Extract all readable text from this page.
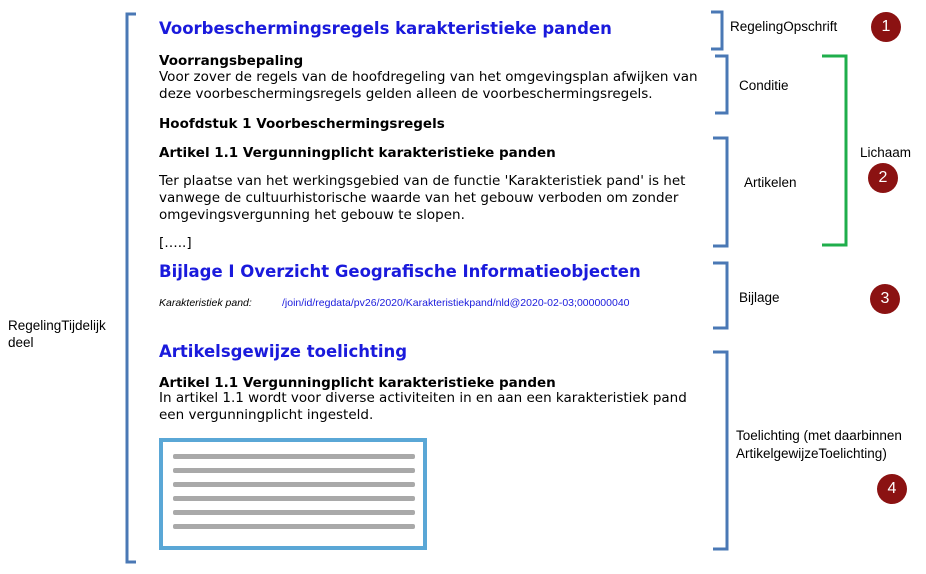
Voorbeschermingsregels karakteristieke panden
Voorrangsbepaling
Voor zover de regels van de hoofdregeling van het omgevingsplan afwijken van
deze voorbeschermingsregels gelden alleen de voorbeschermingsregels.
Hoofdstuk 1 Voorbeschermingsregels
Artikel 1.1 Vergunningplicht karakteristieke panden
Ter plaatse van het werkingsgebied van de functie 'Karakteristiek pand' is het
vanwege de cultuurhistorische waarde van het gebouw verboden om zonder
omgevingsvergunning het gebouw te slopen.
[…..]
Bijlage I Overzicht Geografische Informatieobjecten
Karakteristiek pand:	/join/id/regdata/pv26/2020/Karakteristiekpand/nld@2020-02-03;000000040
Artikelsgewijze toelichting
Artikel 1.1 Vergunningplicht karakteristieke panden
In artikel 1.1 wordt voor diverse activiteiten in en aan een karakteristiek pand
een vergunningplicht ingesteld.
RegelingTijdelijk
deel
RegelingOpschrift
Conditie
Artikelen
Lichaam
Bijlage
Toelichting (met daarbinnen
ArtikelgewijzeToelichting)
1
2
3
4
